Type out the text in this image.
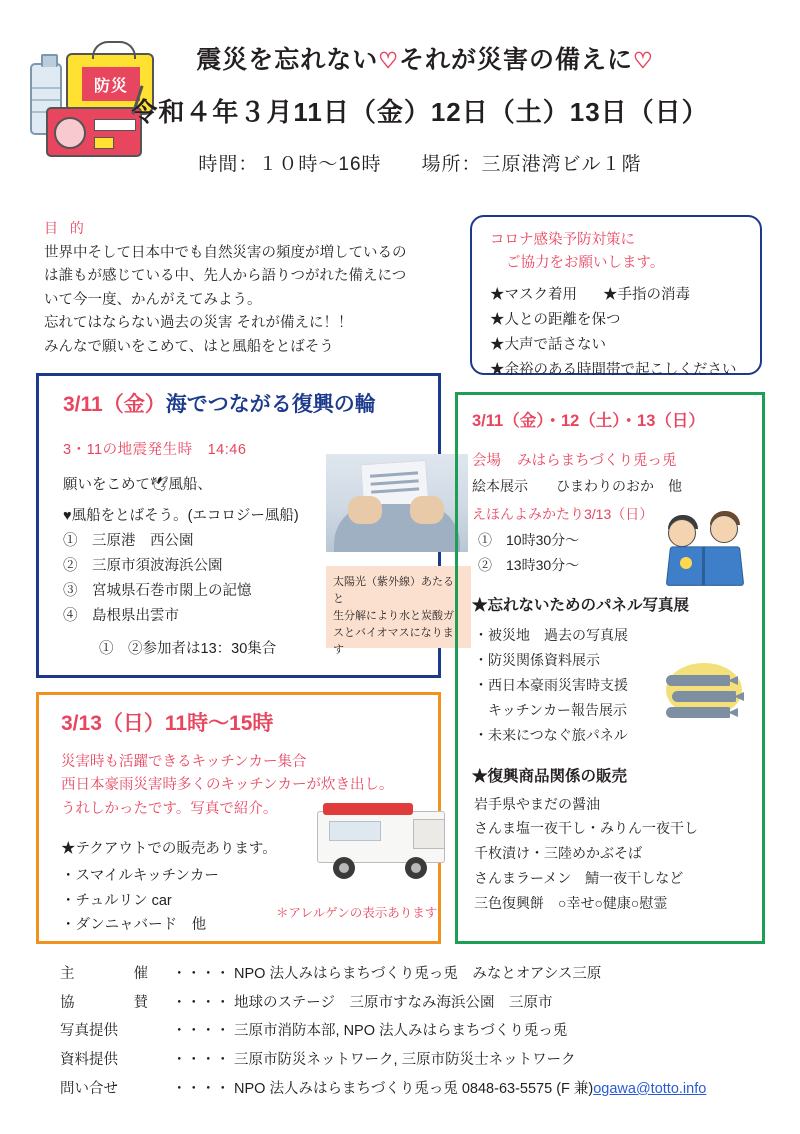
防災
震災を忘れない♡それが災害の備えに♡
令和４年３月11日（金）12日（土）13日（日）
時間：１０時〜16時　　場所：三原港湾ビル１階
目 的
世界中そして日本中でも自然災害の頻度が増しているの
は誰もが感じている中、先人から語りつがれた備えにつ
いて今一度、かんがえてみよう。
忘れてはならない過去の災害 それが備えに！！
みんなで願いをこめて、はと風船をとばそう
コロナ感染予防対策に
ご協力をお願いします。
★マスク着用 ★手指の消毒
★人との距離を保つ
★大声で話さない
★余裕のある時間帯で起こしください
3/11（金）海でつながる復興の輪
3・11の地震発生時　14:46
願いをこめて🕊風船、
♥風船をとばそう。(エコロジー風船)
①　三原港　西公園
②　三原市須波海浜公園
③　宮城県石巻市閖上の記憶
④　島根県出雲市
①　②参加者は13：30集合
太陽光（紫外線）あたると
生分解により水と炭酸ガ
スとバイオマスになります
3/13（日）11時〜15時
災害時も活躍できるキッチンカー集合
西日本豪雨災害時多くのキッチンカーが炊き出し。
うれしかったです。写真で紹介。
★テクアウトでの販売あります。
・スマイルキッチンカー
・チュルリン car
・ダンニャバード　他
＊アレルゲンの表示あります
3/11（金）・12（土）・13（日）
会場 みはらまちづくり兎っ兎
絵本展示　　ひまわりのおか　他
えほんよみかたり3/13（日）
①　10時30分〜
②　13時30分〜
★忘れないためのパネル写真展
・被災地　過去の写真展
・防災関係資料展示
・西日本豪雨災害時支援
キッチンカー報告展示
・未来につなぐ旅パネル
★復興商品関係の販売
岩手県やまだの醤油
さんま塩一夜干し・みりん一夜干し
千枚漬け・三陸めかぶそば
さんまラーメン　鯖一夜干しなど
三色復興餅　○幸せ○健康○慰霊
主　　催 ・・・・ NPO 法人みはらまちづくり兎っ兎　みなとオアシス三原
協　　賛 ・・・・ 地球のステージ　三原市すなみ海浜公園　三原市
写真提供	・・・・ 三原市消防本部, NPO 法人みはらまちづくり兎っ兎
資料提供	・・・・ 三原市防災ネットワーク, 三原市防災士ネットワーク
問い合せ	・・・・ NPO 法人みはらまちづくり兎っ兎 0848-63-5575 (F 兼)ogawa@totto.info
